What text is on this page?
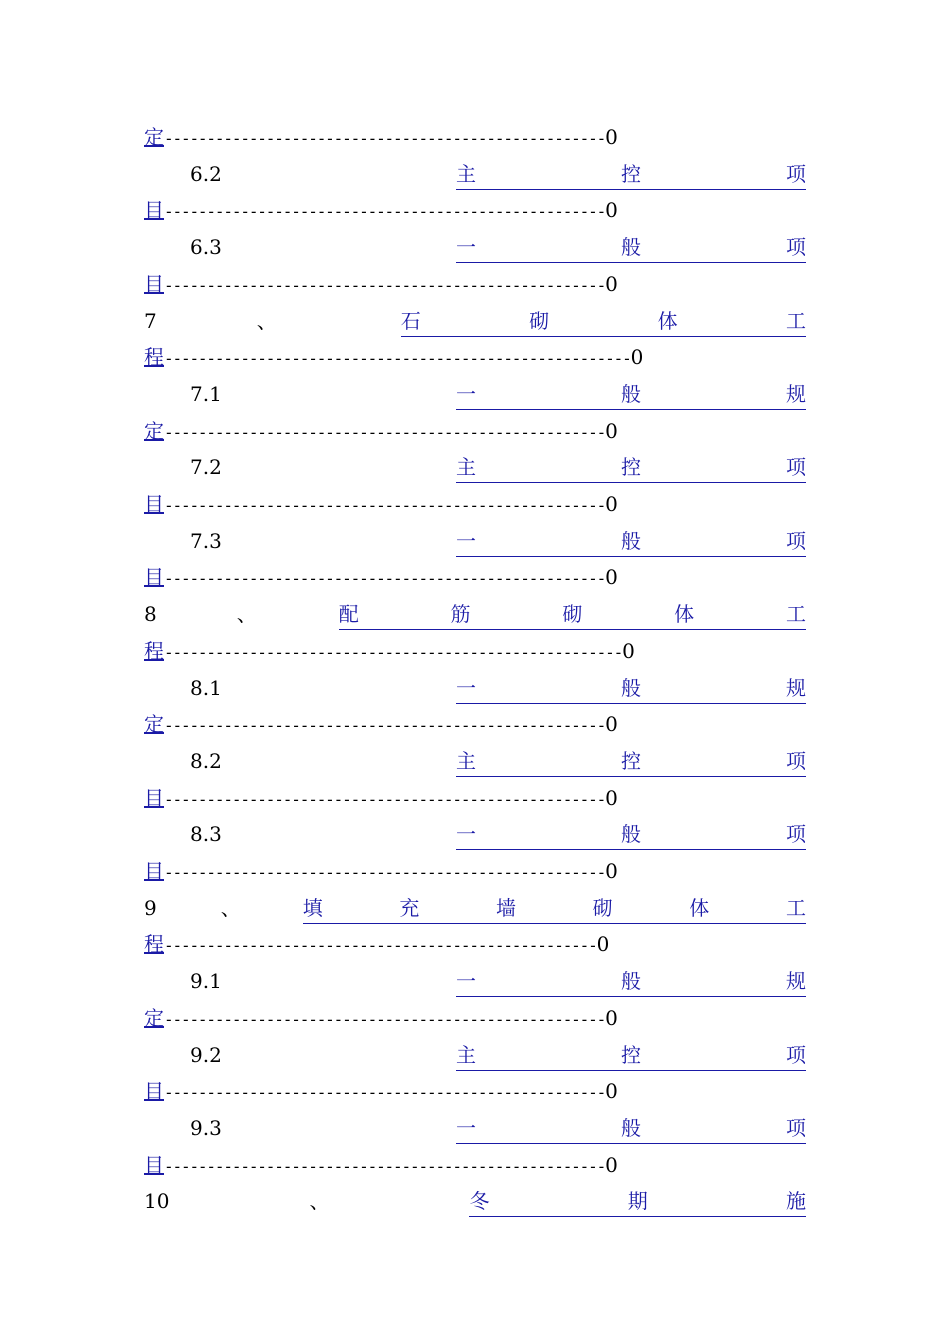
定 ---------------------------------------------------- 0
6.2	主	控	项
目 ---------------------------------------------------- 0
6.3	一	般	项
目 ---------------------------------------------------- 0
7	、	石	砌	体	工
程 ------------------------------------------------------- 0
7.1	一	般	规
定 ---------------------------------------------------- 0
7.2	主	控	项
目 ---------------------------------------------------- 0
7.3	一	般	项
目 ---------------------------------------------------- 0
8	、	配	筋	砌	体	工
程 ------------------------------------------------------ 0
8.1	一	般	规
定 ---------------------------------------------------- 0
8.2	主	控	项
目 ---------------------------------------------------- 0
8.3	一	般	项
目 ---------------------------------------------------- 0
9	、	填	充	墙	砌	体	工
程 --------------------------------------------------- 0
9.1	一	般	规
定 ---------------------------------------------------- 0
9.2	主	控	项
目 ---------------------------------------------------- 0
9.3	一	般	项
目 ---------------------------------------------------- 0
10	、	冬	期	施
